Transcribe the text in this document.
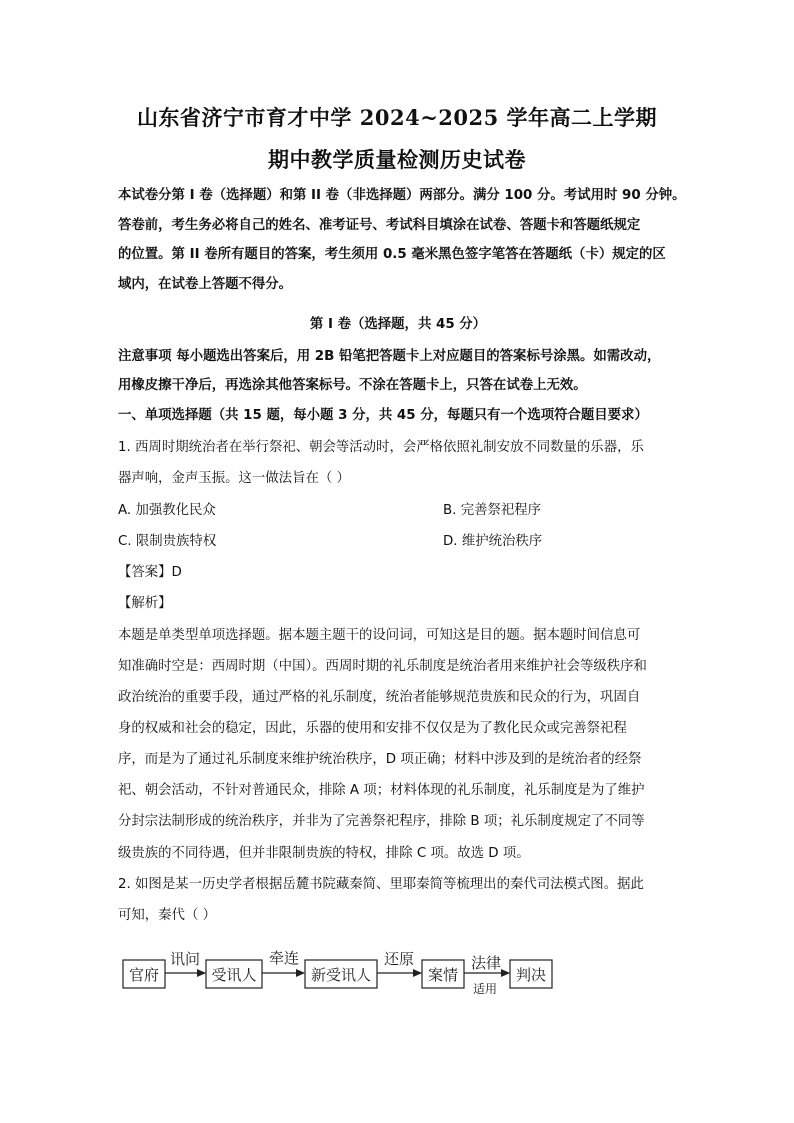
山东省济宁市育才中学 2024~2025 学年高二上学期
期中教学质量检测历史试卷
本试卷分第 I 卷（选择题）和第 II 卷（非选择题）两部分。满分 100 分。考试用时 90 分钟。
答卷前，考生务必将自己的姓名、准考证号、考试科目填涂在试卷、答题卡和答题纸规定
的位置。第 II 卷所有题目的答案，考生须用 0.5 毫米黑色签字笔答在答题纸（卡）规定的区
域内，在试卷上答题不得分。
第 I 卷（选择题，共 45 分）
注意事项 每小题选出答案后，用 2B 铅笔把答题卡上对应题目的答案标号涂黑。如需改动，
用橡皮擦干净后，再选涂其他答案标号。不涂在答题卡上，只答在试卷上无效。
一、单项选择题（共 15 题，每小题 3 分，共 45 分，每题只有一个选项符合题目要求）
1. 西周时期统治者在举行祭祀、朝会等活动时，会严格依照礼制安放不同数量的乐器，乐
器声响，金声玉振。这一做法旨在（ ）
A. 加强教化民众	B. 完善祭祀程序
C. 限制贵族特权	D. 维护统治秩序
【答案】D
【解析】
本题是单类型单项选择题。据本题主题干的设问词，可知这是目的题。据本题时间信息可
知准确时空是：西周时期（中国）。西周时期的礼乐制度是统治者用来维护社会等级秩序和
政治统治的重要手段，通过严格的礼乐制度，统治者能够规范贵族和民众的行为，巩固自
身的权威和社会的稳定，因此，乐器的使用和安排不仅仅是为了教化民众或完善祭祀程
序，而是为了通过礼乐制度来维护统治秩序，D 项正确；材料中涉及到的是统治者的经祭
祀、朝会活动，不针对普通民众，排除 A 项；材料体现的礼乐制度，礼乐制度是为了维护
分封宗法制形成的统治秩序，并非为了完善祭祀程序，排除 B 项；礼乐制度规定了不同等
级贵族的不同待遇，但并非限制贵族的特权，排除 C 项。故选 D 项。
2. 如图是某一历史学者根据岳麓书院藏秦简、里耶秦简等梳理出的秦代司法模式图。据此
可知，秦代（ ）
官府	受讯人	新受讯人	案情	判决
讯问	牵连	还原	法律
适用
